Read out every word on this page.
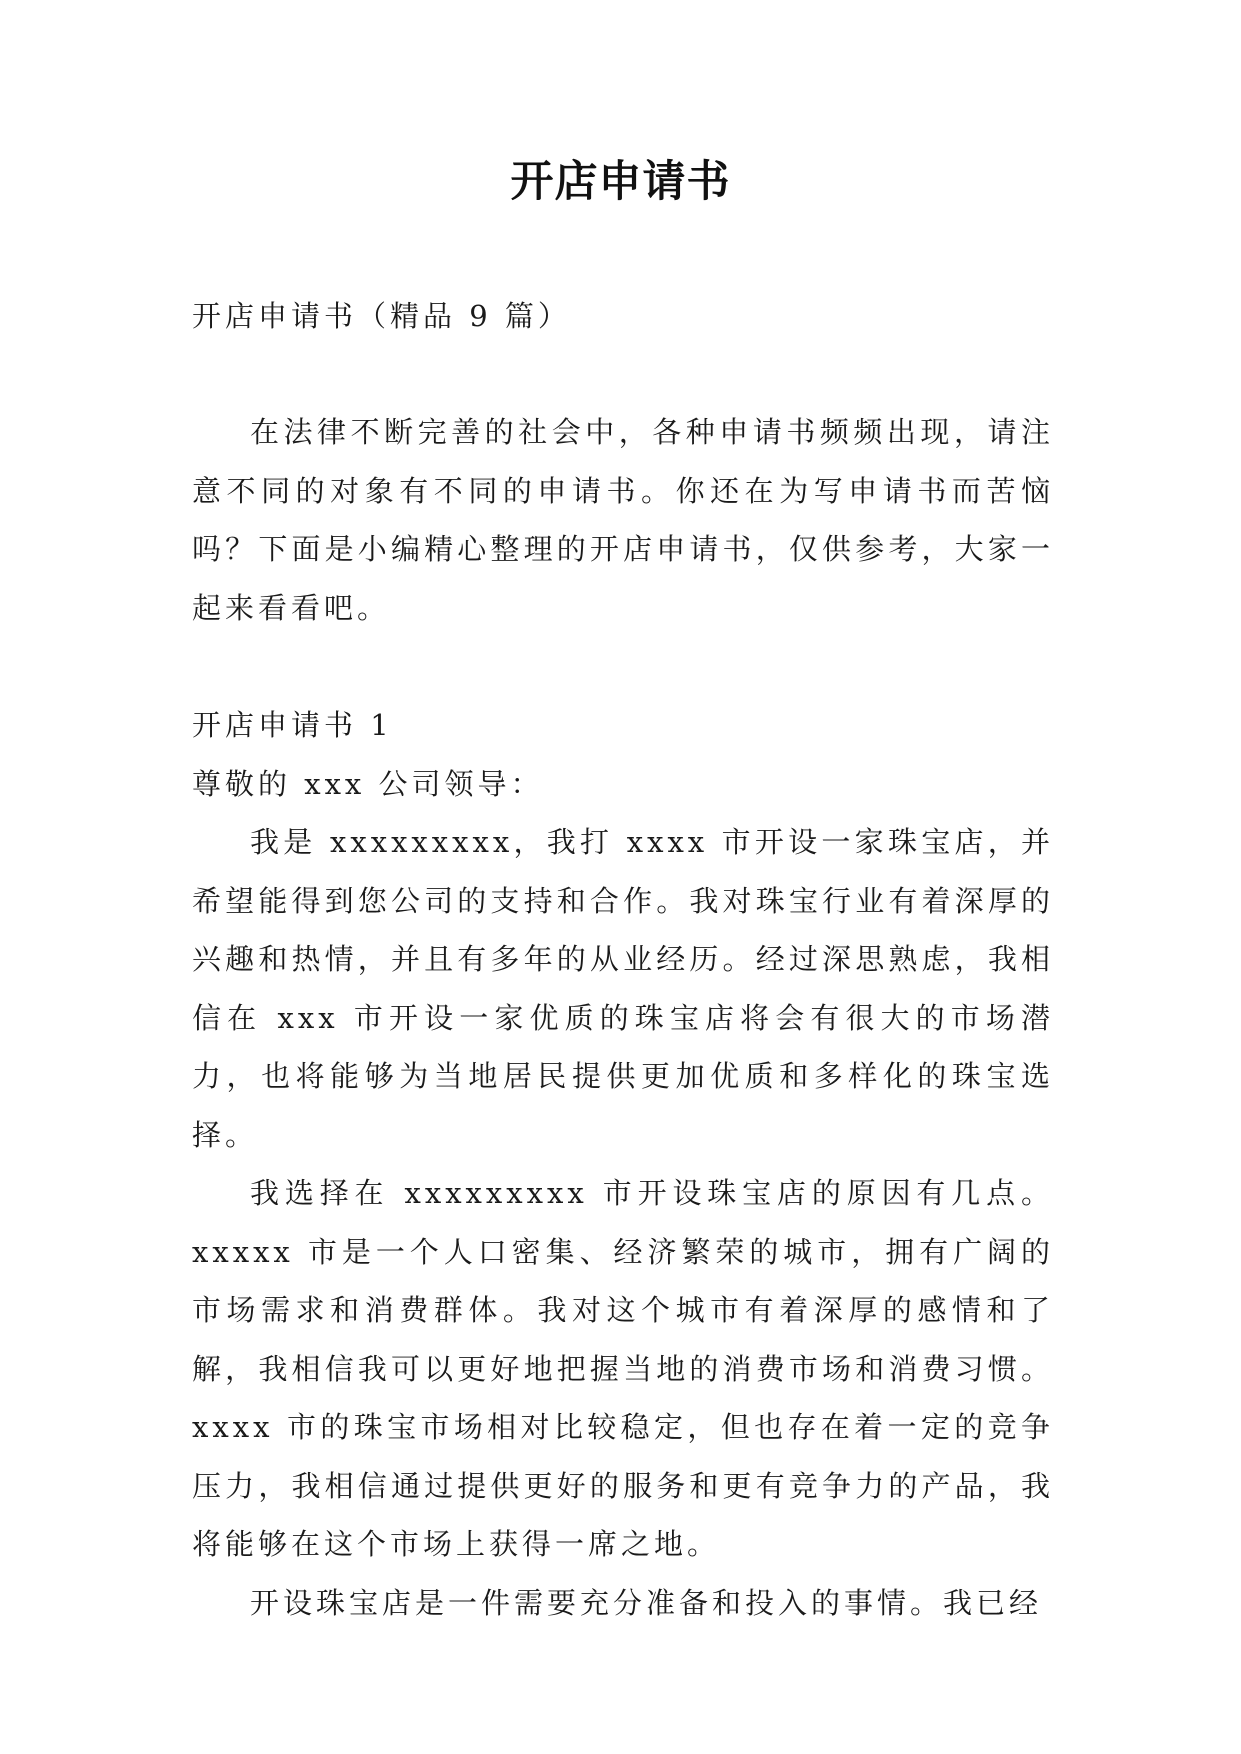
开店申请书
开店申请书（精品 9 篇）

在法律不断完善的社会中，各种申请书频频出现，请注意不同的对象有不同的申请书。你还在为写申请书而苦恼吗？下面是小编精心整理的开店申请书，仅供参考，大家一起来看看吧。

开店申请书 1
尊敬的 xxx 公司领导：

我是 xxxxxxxxx，我打 xxxx 市开设一家珠宝店，并希望能得到您公司的支持和合作。我对珠宝行业有着深厚的兴趣和热情，并且有多年的从业经历。经过深思熟虑，我相信在 xxx 市开设一家优质的珠宝店将会有很大的市场潜力，也将能够为当地居民提供更加优质和多样化的珠宝选择。

我选择在 xxxxxxxxx 市开设珠宝店的原因有几点。xxxxx 市是一个人口密集、经济繁荣的城市，拥有广阔的市场需求和消费群体。我对这个城市有着深厚的感情和了解，我相信我可以更好地把握当地的消费市场和消费习惯。xxxx 市的珠宝市场相对比较稳定，但也存在着一定的竞争压力，我相信通过提供更好的服务和更有竞争力的产品，我将能够在这个市场上获得一席之地。

开设珠宝店是一件需要充分准备和投入的事情。我已经
